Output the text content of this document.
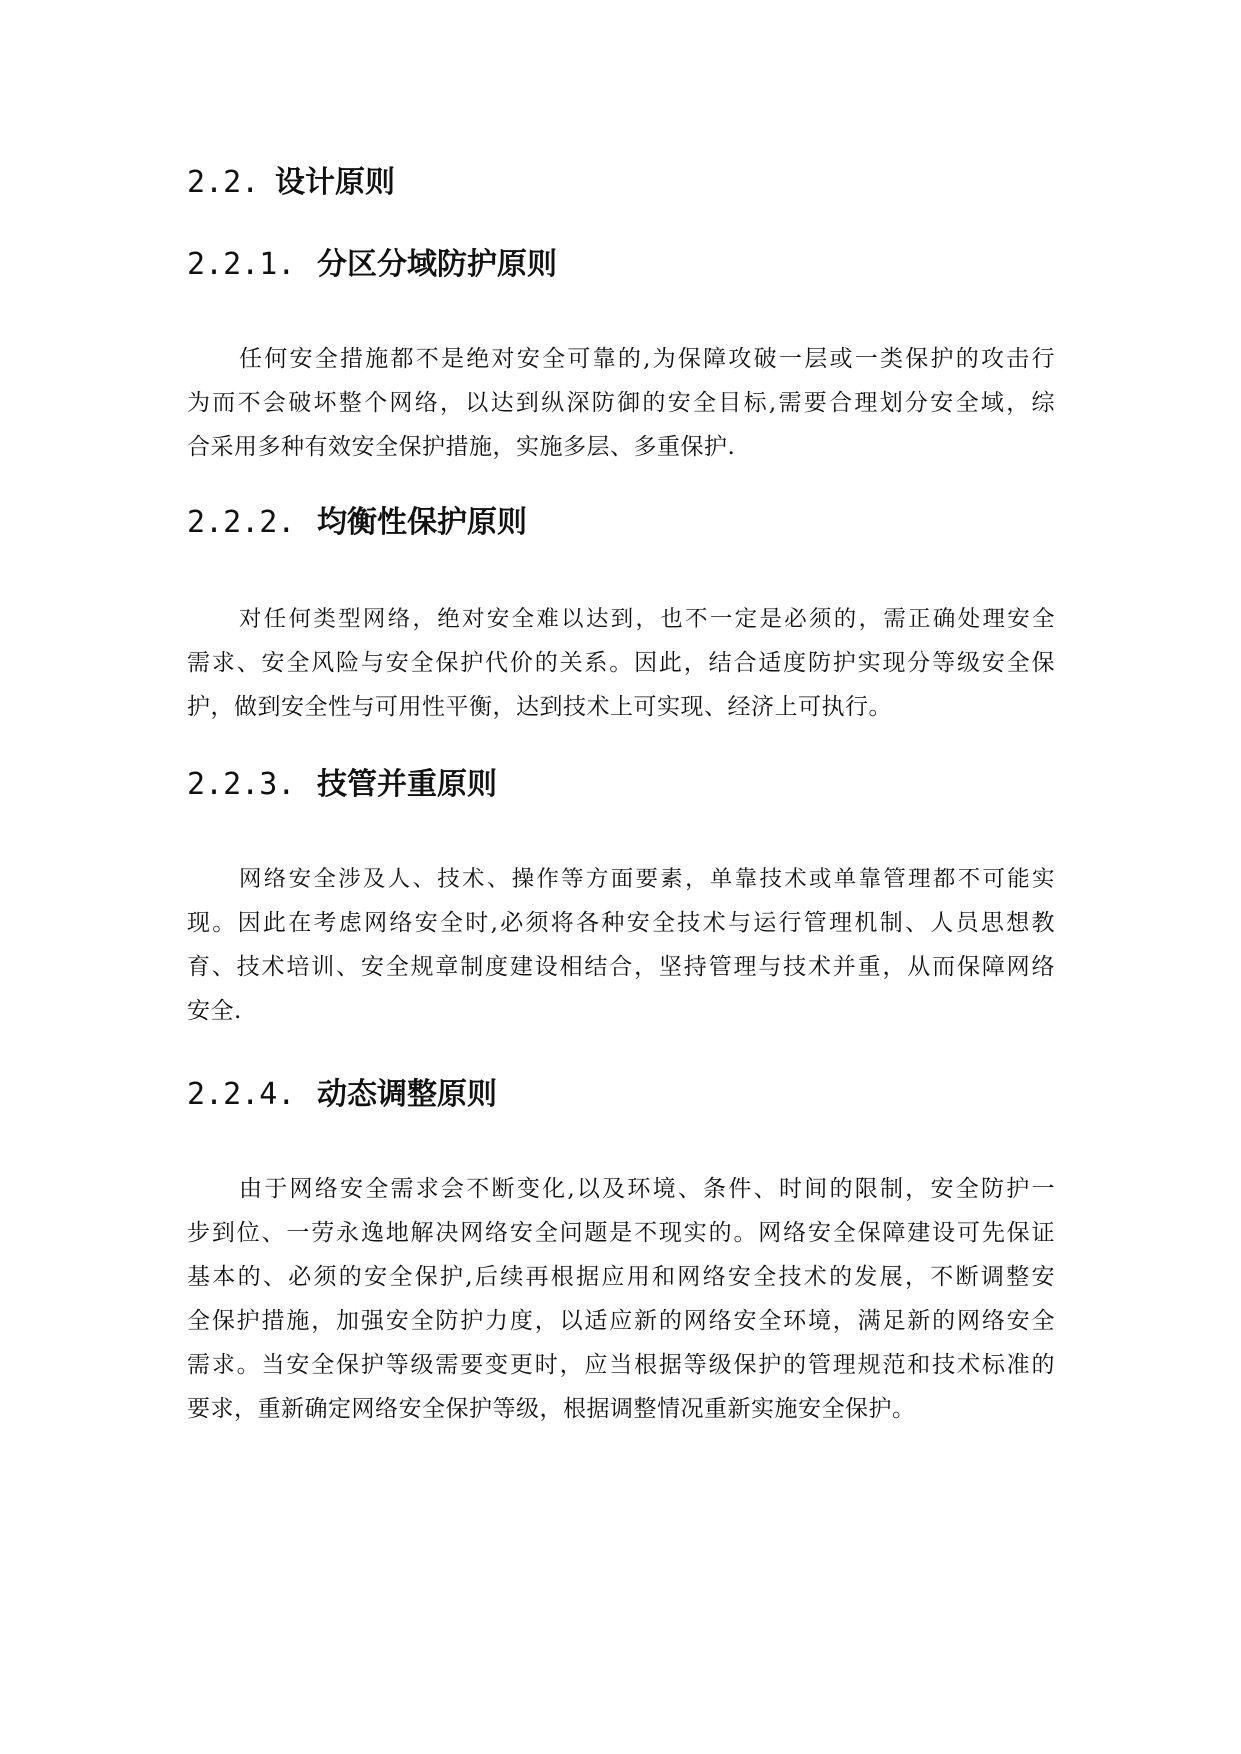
2.2. 设计原则
2.2.1. 分区分域防护原则
任何安全措施都不是绝对安全可靠的,为保障攻破一层或一类保护的攻击行
为而不会破坏整个网络，以达到纵深防御的安全目标,需要合理划分安全域，综
合采用多种有效安全保护措施，实施多层、多重保护.
2.2.2. 均衡性保护原则
对任何类型网络，绝对安全难以达到，也不一定是必须的，需正确处理安全
需求、安全风险与安全保护代价的关系。因此，结合适度防护实现分等级安全保
护，做到安全性与可用性平衡，达到技术上可实现、经济上可执行。
2.2.3. 技管并重原则
网络安全涉及人、技术、操作等方面要素，单靠技术或单靠管理都不可能实
现。因此在考虑网络安全时,必须将各种安全技术与运行管理机制、人员思想教
育、技术培训、安全规章制度建设相结合，坚持管理与技术并重，从而保障网络
安全.
2.2.4. 动态调整原则
由于网络安全需求会不断变化,以及环境、条件、时间的限制，安全防护一
步到位、一劳永逸地解决网络安全问题是不现实的。网络安全保障建设可先保证
基本的、必须的安全保护,后续再根据应用和网络安全技术的发展，不断调整安
全保护措施，加强安全防护力度，以适应新的网络安全环境，满足新的网络安全
需求。当安全保护等级需要变更时，应当根据等级保护的管理规范和技术标准的
要求，重新确定网络安全保护等级，根据调整情况重新实施安全保护。
